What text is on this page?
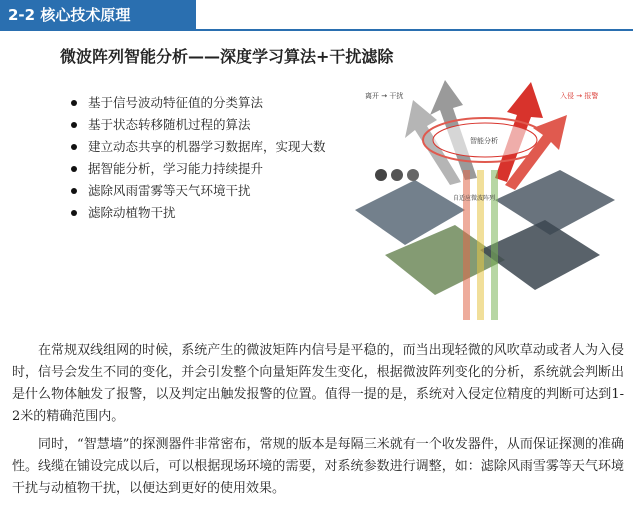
2-2 核心技术原理
微波阵列智能分析——深度学习算法+干扰滤除
基于信号波动特征值的分类算法
基于状态转移随机过程的算法
建立动态共享的机器学习数据库，实现大数
据智能分析，学习能力持续提升
滤除风雨雷雾等天气环境干扰
滤除动植物干扰
离开 → 干扰	入侵 → 报警
智能分析
自适应微波阵列

在常规双线组网的时候，系统产生的微波矩阵内信号是平稳的，而当出现轻微的风吹草动或者人为入侵时，信号会发生不同的变化，并会引发整个向量矩阵发生变化，根据微波阵列变化的分析，系统就会判断出是什么物体触发了报警，以及判定出触发报警的位置。值得一提的是，系统对入侵定位精度的判断可达到1-2米的精确范围内。

同时，“智慧墙”的探测器件非常密布，常规的版本是每隔三米就有一个收发器件，从而保证探测的准确性。线缆在铺设完成以后，可以根据现场环境的需要，对系统参数进行调整，如：滤除风雨雪雾等天气环境干扰与动植物干扰，以便达到更好的使用效果。
